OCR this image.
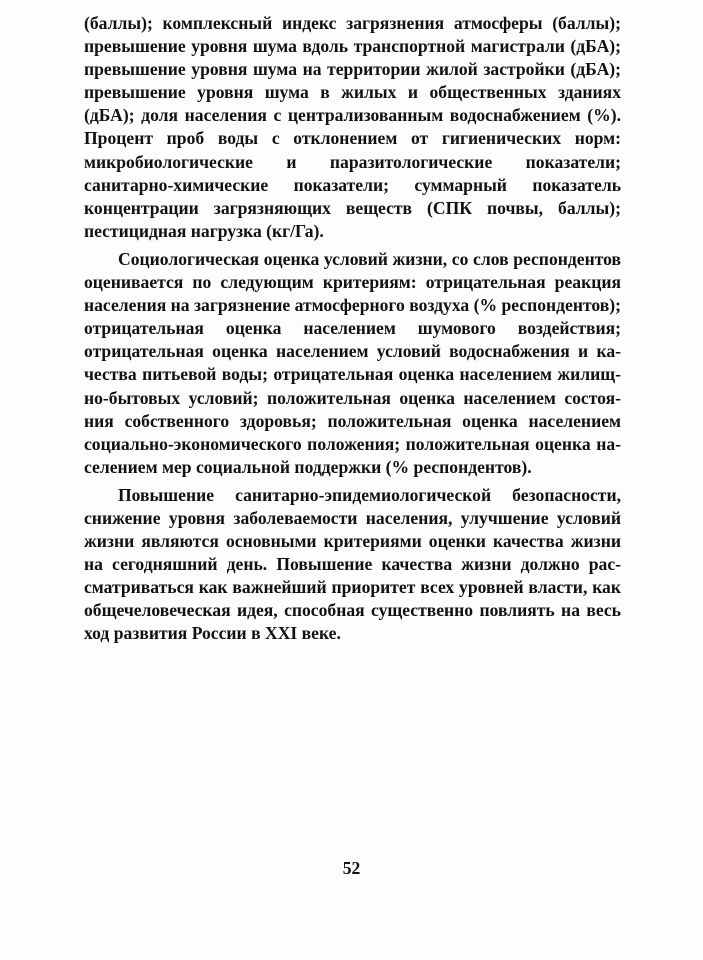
(баллы); комплексный индекс загрязнения атмосферы (баллы); превышение уровня шума вдоль транспортной магистрали (дБА); превышение уровня шума на территории жилой застройки (дБА); превышение уровня шума в жилых и общественных зданиях (дБА); доля населения с централизованным водоснабжением (%). Процент проб воды с отклонением от гигиенических норм: микробиологические и паразитологические показатели; санитарно-химические показатели; суммарный показатель концентрации загрязняющих веществ (СПК почвы, баллы); пестицидная нагрузка (кг/Га).

Социологическая оценка условий жизни, со слов респондентов оценивается по следующим критериям: отрицательная реакция населения на загрязнение атмосферного воздуха (% респондентов); отрицательная оценка населением шумового воздействия; отрицательная оценка населением условий водоснабжения и качества питьевой воды; отрицательная оценка населением жилищно-бытовых условий; положительная оценка населением состояния собственного здоровья; положительная оценка населением социально-экономического положения; положительная оценка населением мер социальной поддержки (% респондентов).

Повышение санитарно-эпидемиологической безопасности, снижение уровня заболеваемости населения, улучшение условий жизни являются основными критериями оценки качества жизни на сегодняшний день. Повышение качества жизни должно рассматриваться как важнейший приоритет всех уровней власти, как общечеловеческая идея, способная существенно повлиять на весь ход развития России в XXI веке.

52
